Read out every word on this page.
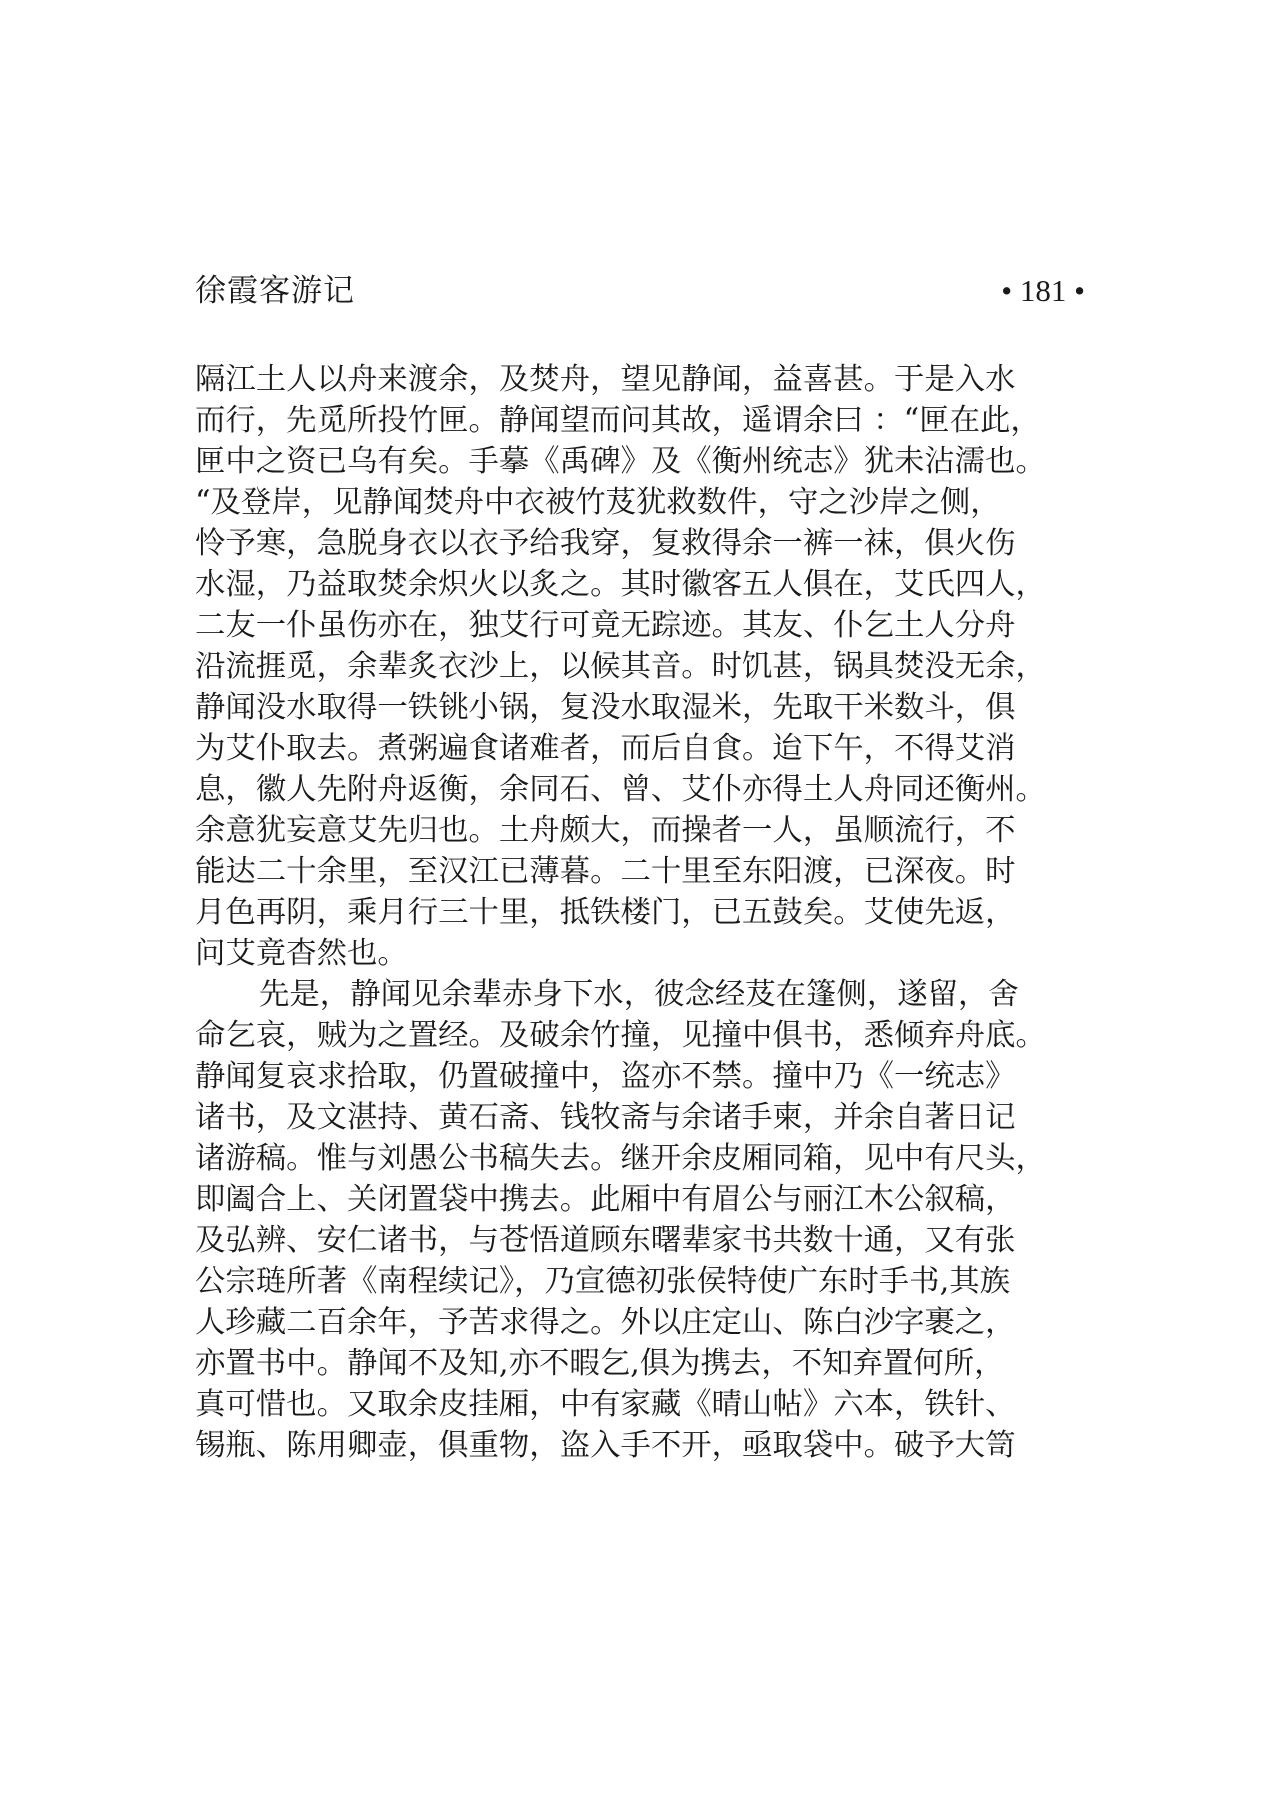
徐霞客游记	• 181 •
隔江土人以舟来渡余，及焚舟，望见静闻，益喜甚。于是入水
而行，先觅所投竹匣。静闻望而问其故，遥谓余曰 ：“匣在此，
匣中之资已乌有矣。手摹《禹碑》及《衡州统志》犹未沾濡也。
“及登岸，见静闻焚舟中衣被竹芨犹救数件，守之沙岸之侧，
怜予寒，急脱身衣以衣予给我穿，复救得余一裤一袜，俱火伤
水湿，乃益取焚余炽火以炙之。其时徽客五人俱在，艾氏四人，
二友一仆虽伤亦在，独艾行可竟无踪迹。其友、仆乞土人分舟
沿流捱觅，余辈炙衣沙上，以候其音。时饥甚，锅具焚没无余，
静闻没水取得一铁铫小锅，复没水取湿米，先取干米数斗，俱
为艾仆取去。煮粥遍食诸难者，而后自食。迨下午，不得艾消
息，徽人先附舟返衡，余同石、曾、艾仆亦得土人舟同还衡州。
余意犹妄意艾先归也。土舟颇大，而操者一人，虽顺流行，不
能达二十余里，至汉江已薄暮。二十里至东阳渡，已深夜。时
月色再阴，乘月行三十里，抵铁楼门，已五鼓矣。艾使先返，
问艾竟杳然也。
先是，静闻见余辈赤身下水，彼念经芨在篷侧，遂留，舍
命乞哀，贼为之置经。及破余竹撞，见撞中俱书，悉倾弃舟底。
静闻复哀求拾取，仍置破撞中，盗亦不禁。撞中乃《一统志》
诸书，及文湛持、黄石斋、钱牧斋与余诸手柬，并余自著日记
诸游稿。惟与刘愚公书稿失去。继开余皮厢同箱，见中有尺头，
即阖合上、关闭置袋中携去。此厢中有眉公与丽江木公叙稿，
及弘辨、安仁诸书，与苍悟道顾东曙辈家书共数十通，又有张
公宗琏所著《南程续记》，乃宣德初张侯特使广东时手书,其族
人珍藏二百余年，予苦求得之。外以庄定山、陈白沙字裹之，
亦置书中。静闻不及知,亦不暇乞,俱为携去，不知弃置何所，
真可惜也。又取余皮挂厢，中有家藏《晴山帖》六本，铁针、
锡瓶、陈用卿壶，俱重物，盗入手不开，亟取袋中。破予大笥
